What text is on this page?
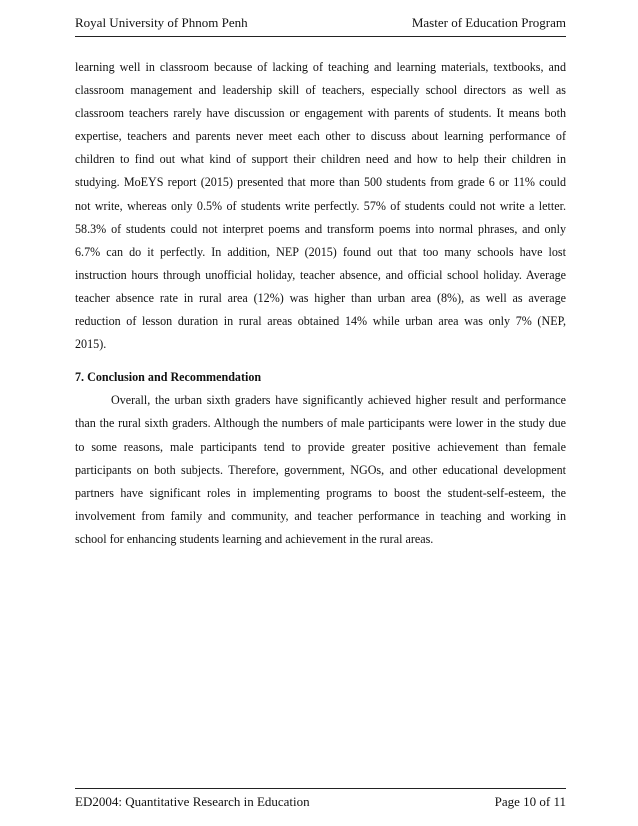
Royal University of Phnom Penh	Master of Education Program
learning well in classroom because of lacking of teaching and learning materials, textbooks, and
classroom management and leadership skill of teachers, especially school directors as well as
classroom teachers rarely have discussion or engagement with parents of students. It means both
expertise, teachers and parents never meet each other to discuss about learning performance of
children to find out what kind of support their children need and how to help their children in
studying. MoEYS report (2015) presented that more than 500 students from grade 6 or 11% could
not write, whereas only 0.5% of students write perfectly. 57% of students could not write a letter.
58.3% of students could not interpret poems and transform poems into normal phrases, and only
6.7% can do it perfectly. In addition, NEP (2015) found out that too many schools have lost
instruction hours through unofficial holiday, teacher absence, and official school holiday. Average
teacher absence rate in rural area (12%) was higher than urban area (8%), as well as average
reduction of lesson duration in rural areas obtained 14% while urban area was only 7% (NEP,
2015).
7. Conclusion and Recommendation
Overall, the urban sixth graders have significantly achieved higher result and performance
than the rural sixth graders. Although the numbers of male participants were lower in the study due
to some reasons, male participants tend to provide greater positive achievement than female
participants on both subjects. Therefore, government, NGOs, and other educational development
partners have significant roles in implementing programs to boost the student-self-esteem, the
involvement from family and community, and teacher performance in teaching and working in
school for enhancing students learning and achievement in the rural areas.
ED2004: Quantitative Research in Education	Page 10 of 11
